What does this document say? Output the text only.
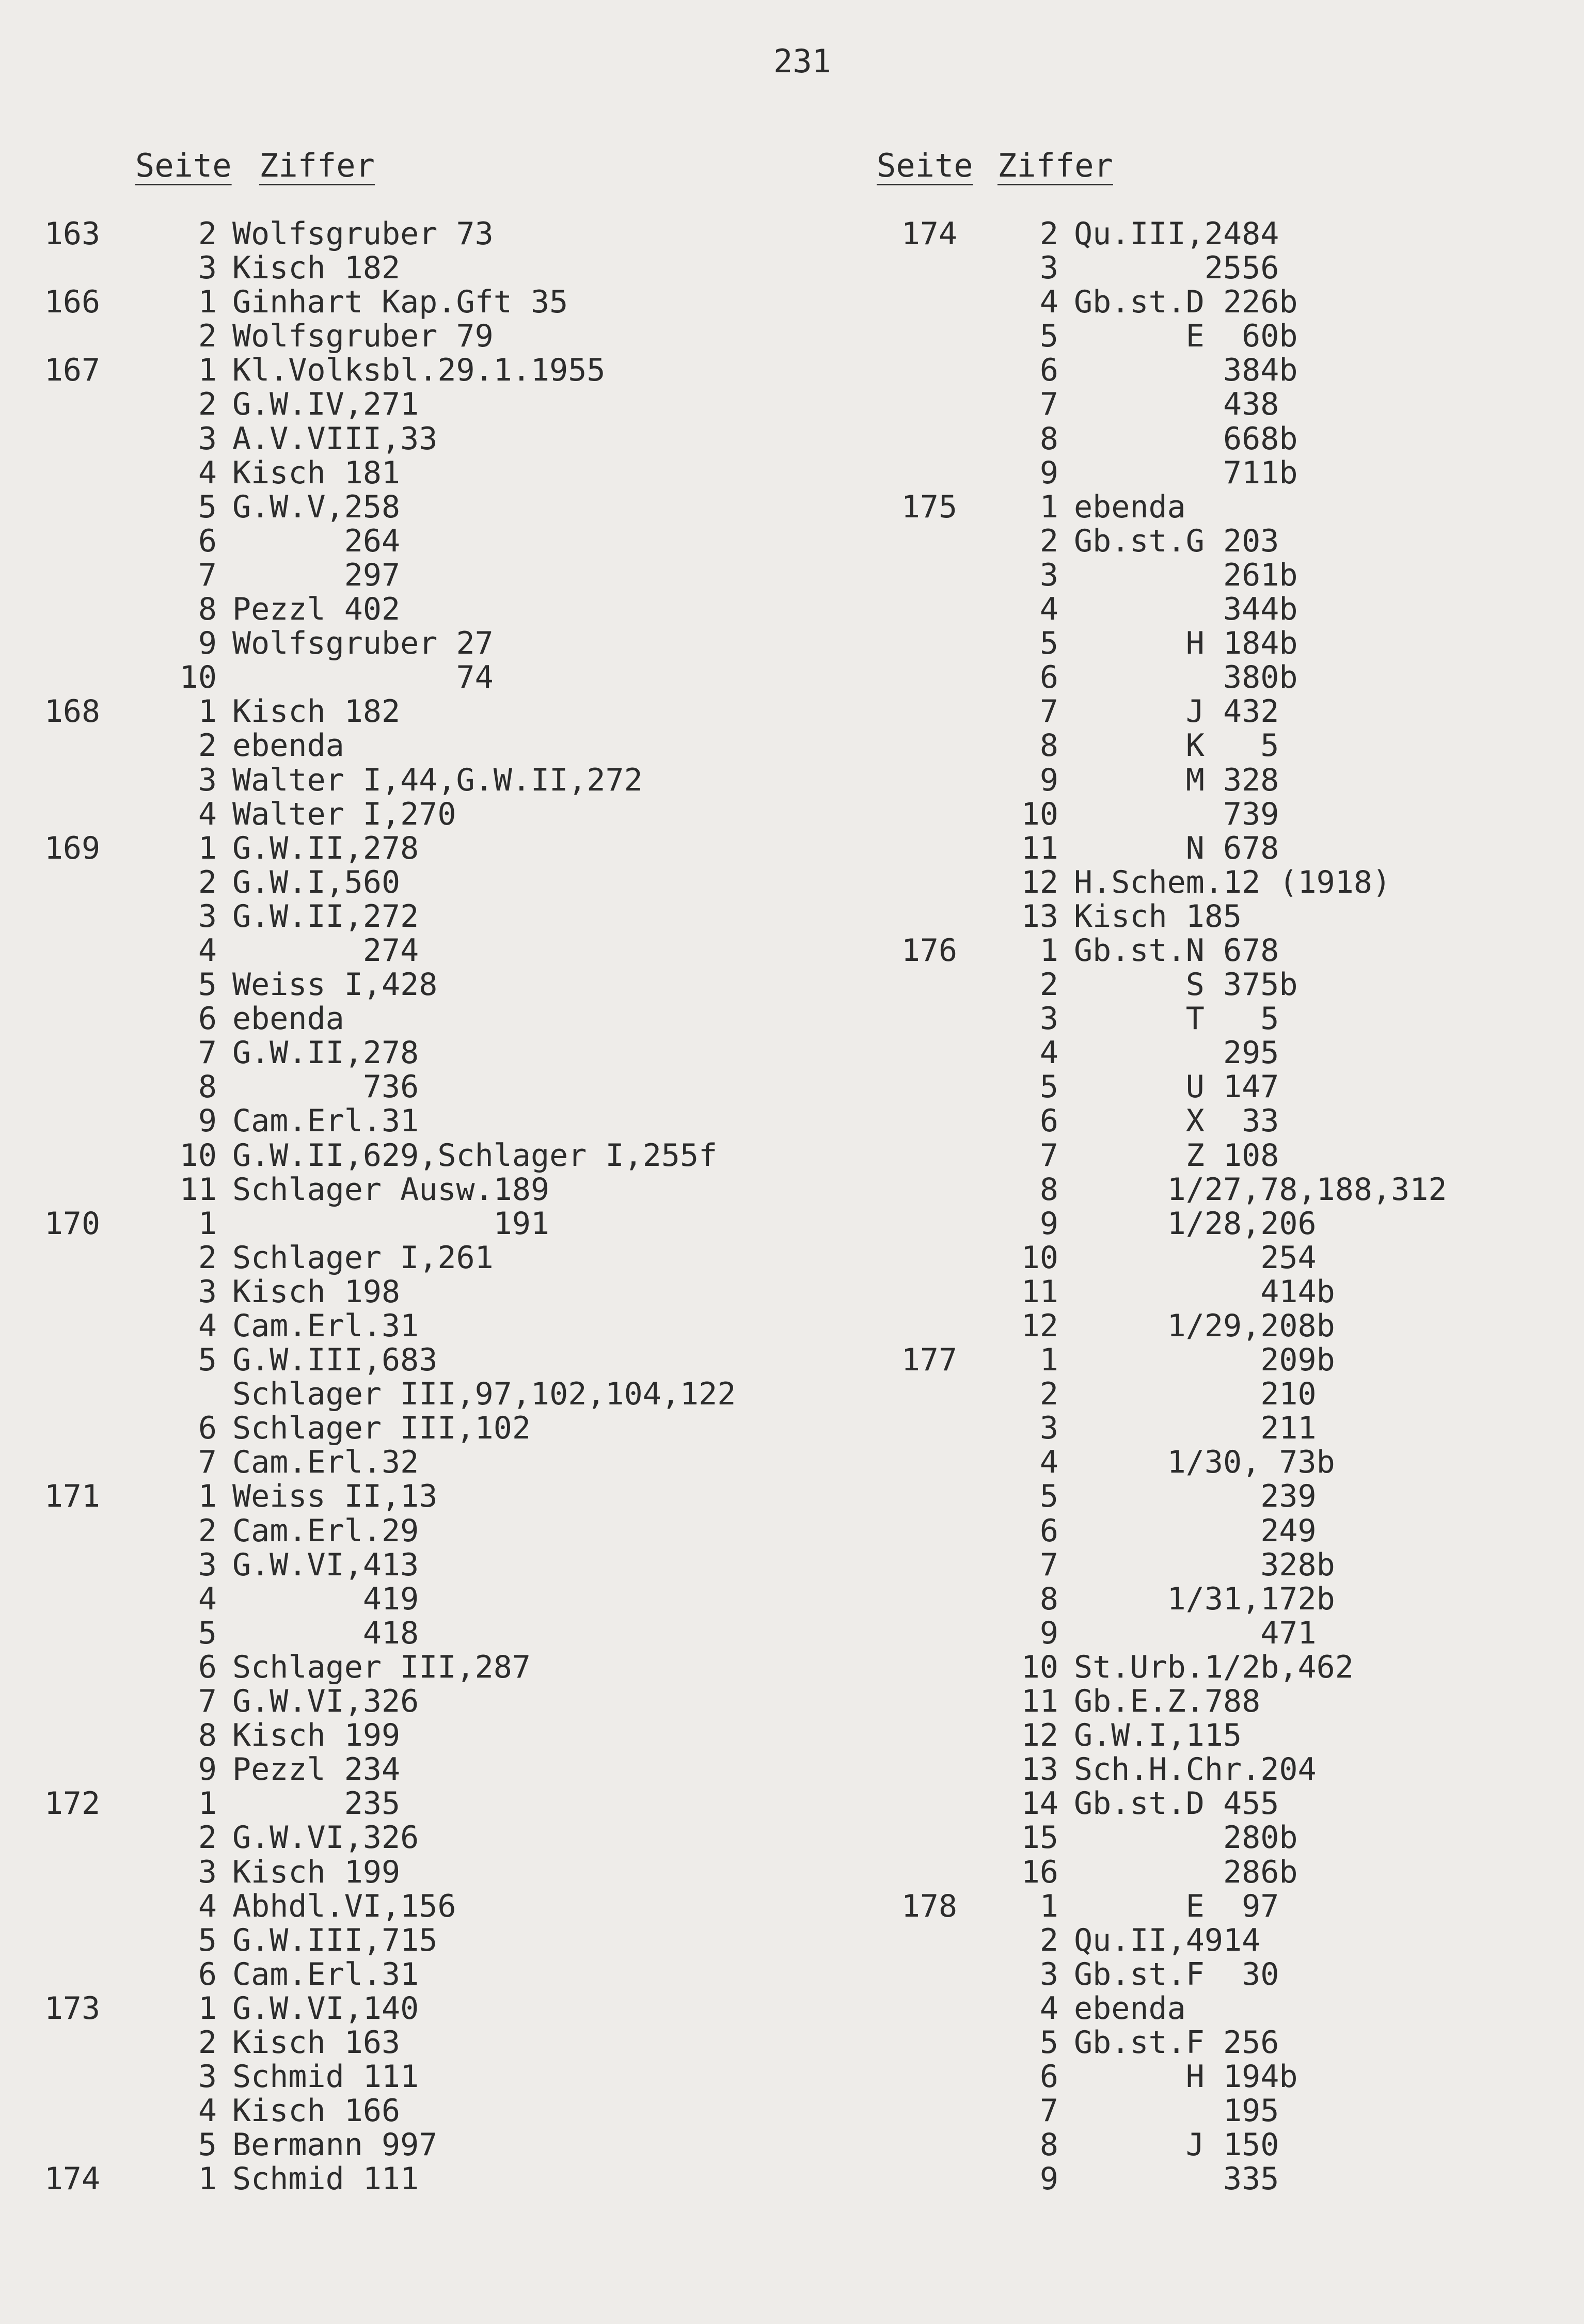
231
Seite Ziffer	Seite Ziffer
163	2 Wolfsgruber 73
3 Kisch 182
166	1 Ginhart Kap.Gft 35
2 Wolfsgruber 79
167	1 Kl.Volksbl.29.1.1955
2 G.W.IV,271
3 A.V.VIII,33
4 Kisch 181
5 G.W.V,258
6 264
7 297
8 Pezzl 402
9 Wolfsgruber 27
10 74
168	1 Kisch 182
2 ebenda
3 Walter I,44,G.W.II,272
4 Walter I,270
169	1 G.W.II,278
2 G.W.I,560
3 G.W.II,272
4 274
5 Weiss I,428
6 ebenda
7 G.W.II,278
8 736
9 Cam.Erl.31
10 G.W.II,629,Schlager I,255f
11 Schlager Ausw.189
170	1 191
2 Schlager I,261
3 Kisch 198
4 Cam.Erl.31
5 G.W.III,683
Schlager III,97,102,104,122
6 Schlager III,102
7 Cam.Erl.32
171	1 Weiss II,13
2 Cam.Erl.29
3 G.W.VI,413
4 419
5 418
6 Schlager III,287
7 G.W.VI,326
8 Kisch 199
9 Pezzl 234
172	1 235
2 G.W.VI,326
3 Kisch 199
4 Abhdl.VI,156
5 G.W.III,715
6 Cam.Erl.31
173	1 G.W.VI,140
2 Kisch 163
3 Schmid 111
4 Kisch 166
5 Bermann 997
174	1 Schmid 111
174	2 Qu.III,2484
3 2556
4 Gb.st.D 226b
5 E  60b
6 384b
7 438
8 668b
9 711b
175	1 ebenda
2 Gb.st.G 203
3 261b
4 344b
5 H 184b
6 380b
7 J 432
8 K   5
9 M 328
10 739
11 N 678
12 H.Schem.12 (1918)
13 Kisch 185
176	1 Gb.st.N 678
2 S 375b
3 T   5
4 295
5 U 147
6 X  33
7 Z 108
8 1/27,78,188,312
9 1/28,206
10 254
11 414b
12 1/29,208b
177	1 209b
2 210
3 211
4 1/30, 73b
5 239
6 249
7 328b
8 1/31,172b
9 471
10 St.Urb.1/2b,462
11 Gb.E.Z.788
12 G.W.I,115
13 Sch.H.Chr.204
14 Gb.st.D 455
15 280b
16 286b
178	1 E  97
2 Qu.II,4914
3 Gb.st.F  30
4 ebenda
5 Gb.st.F 256
6 H 194b
7 195
8 J 150
9 335
